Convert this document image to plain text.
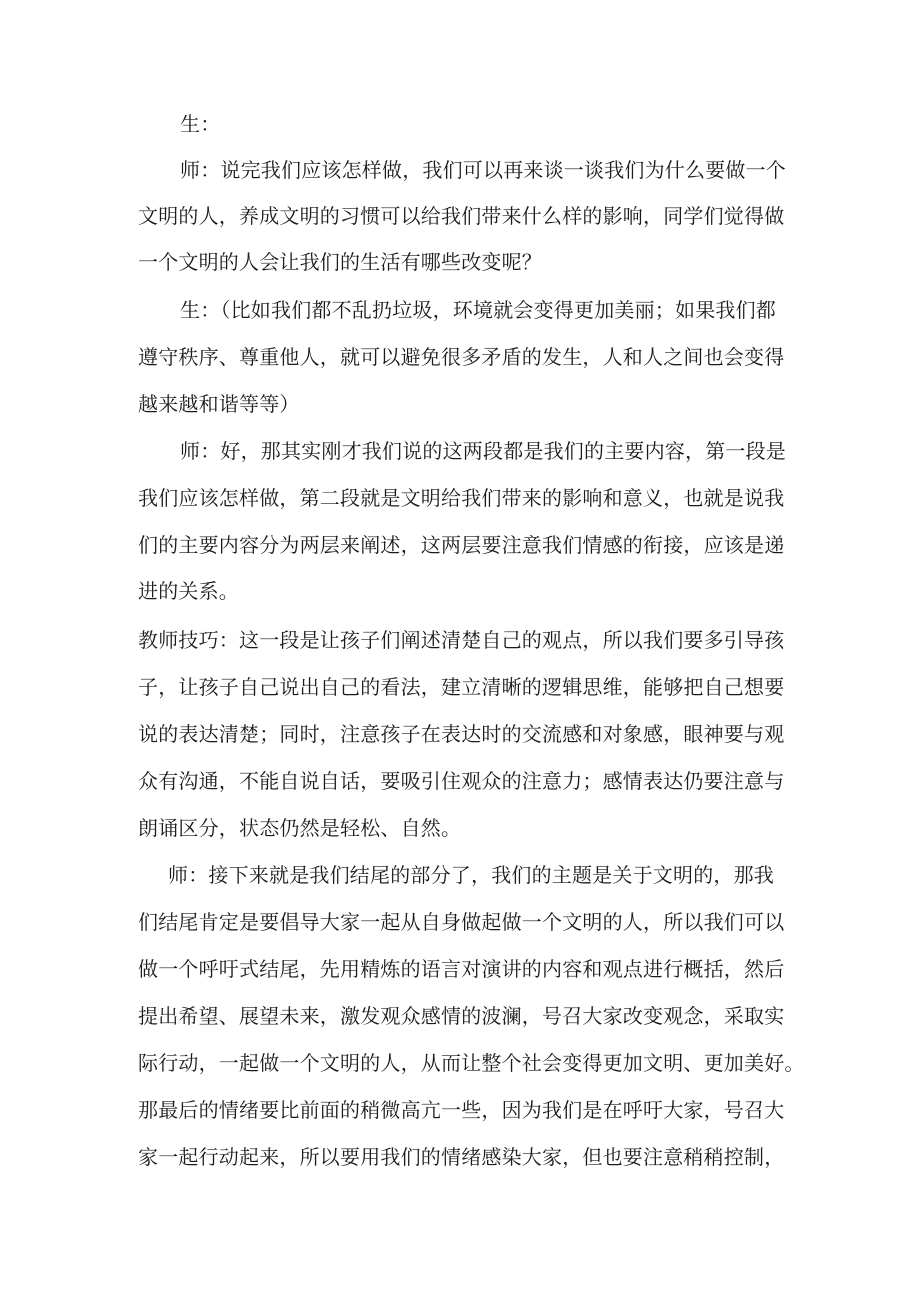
生：
师：说完我们应该怎样做，我们可以再来谈一谈我们为什么要做一个
文明的人，养成文明的习惯可以给我们带来什么样的影响，同学们觉得做
一个文明的人会让我们的生活有哪些改变呢？
生：（比如我们都不乱扔垃圾，环境就会变得更加美丽；如果我们都
遵守秩序、尊重他人，就可以避免很多矛盾的发生，人和人之间也会变得
越来越和谐等等）
师：好，那其实刚才我们说的这两段都是我们的主要内容，第一段是
我们应该怎样做，第二段就是文明给我们带来的影响和意义，也就是说我
们的主要内容分为两层来阐述，这两层要注意我们情感的衔接，应该是递
进的关系。
教师技巧：这一段是让孩子们阐述清楚自己的观点，所以我们要多引导孩
子，让孩子自己说出自己的看法，建立清晰的逻辑思维，能够把自己想要
说的表达清楚；同时，注意孩子在表达时的交流感和对象感，眼神要与观
众有沟通，不能自说自话，要吸引住观众的注意力；感情表达仍要注意与
朗诵区分，状态仍然是轻松、自然。
师：接下来就是我们结尾的部分了，我们的主题是关于文明的，那我
们结尾肯定是要倡导大家一起从自身做起做一个文明的人，所以我们可以
做一个呼吁式结尾，先用精炼的语言对演讲的内容和观点进行概括，然后
提出希望、展望未来，激发观众感情的波澜，号召大家改变观念，采取实
际行动，一起做一个文明的人，从而让整个社会变得更加文明、更加美好。
那最后的情绪要比前面的稍微高亢一些，因为我们是在呼吁大家，号召大
家一起行动起来，所以要用我们的情绪感染大家，但也要注意稍稍控制，
